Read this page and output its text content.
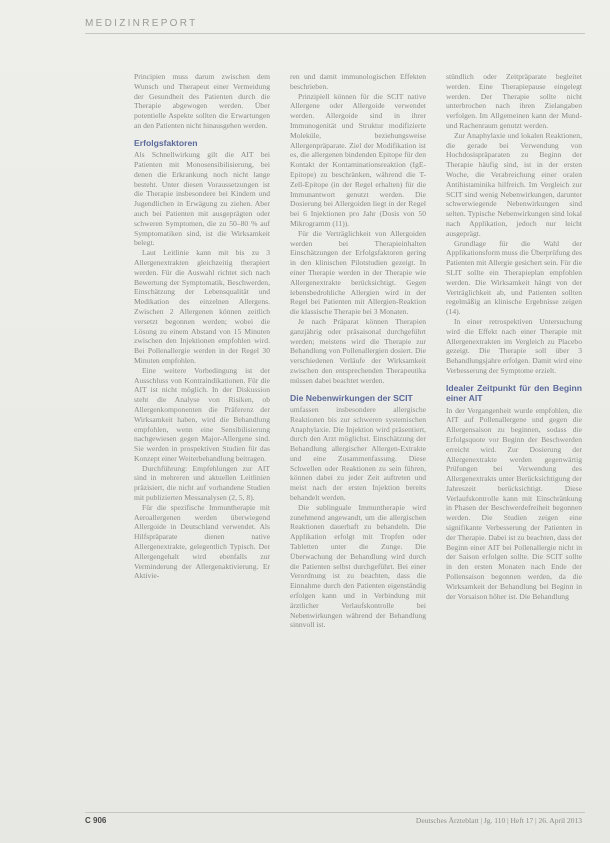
MEDIZINREPORT

Principien muss darum zwischen dem Wunsch und Therapeut einer Vermeidung der Gesundheit des Patienten durch die Therapie abgewogen werden. Über potentielle Aspekte sollten die Erwartungen an den Patienten nicht hinausgehen werden.

Erfolgsfaktoren

Als Schnellwirkung gilt die AIT bei Patienten mit Monosensibilisierung, bei denen die Erkrankung noch nicht lange besteht. Unter diesen Voraussetzungen ist die Therapie insbesondere bei Kindern und Jugendlichen in Erwägung zu ziehen. Aber auch bei Patienten mit ausgeprägten oder schweren Symptomen, die zu 50–80 % auf Symptomatiken sind, ist die Wirksamkeit belegt.

Laut Leitlinie kann mit bis zu 3 Allergenextrakten gleichzeitig therapiert werden. Für die Auswahl richtet sich nach Bewertung der Symptomatik, Beschwerden, Einschätzung der Lebensqualität und Medikation des einzelnen Allergens. Zwischen 2 Allergenen können zeitlich versetzt begonnen werden; wobei die Lösung zu einem Abstand von 15 Minuten zwischen den Injektionen empfohlen wird. Bei Pollenallergie werden in der Regel 30 Minuten empfohlen.

Eine weitere Vorbedingung ist der Ausschluss von Kontraindikationen. Für die AIT ist nicht möglich. In der Diskussion steht die Analyse von Risiken, ob Allergenkomponenten die Präferenz der Wirksamkeit haben, wird die Behandlung empfohlen, wenn eine Sensibilisierung nachgewiesen gegen Major-Allergene sind. Sie werden in prospektiven Studien für das Konzept einer Weiterbehandlung beitragen.

Durchführung: Empfehlungen zur AIT sind in mehreren und aktuellen Leitlinien präzisiert, die nicht auf vorhandene Studien mit publizierten Messanalysen (2, 5, 8).

Für die spezifische Immuntherapie mit Aeroallergenen werden überwiegend Allergoide in Deutschland verwendet. Als Hilfspräparate dienen native Allergenextrakte, gelegentlich Typisch. Der Allergengehalt wird ebenfalls zur Verminderung der Allergenaktivierung. Er Aktivie-

ren und damit immunologischen Effekten beschrieben.

Prinzipiell können für die SCIT native Allergene oder Allergoide verwendet werden. Allergoide sind in ihrer Immunogenität und Struktur modifizierte Moleküle, beziehungsweise Allergenpräparate. Ziel der Modifikation ist es, die allergenen bindenden Epitope für den Kontakt der Kontaminationsreaktion (IgE-Epitope) zu beschränken, während die T-Zell-Epitope (in der Regel erhalten) für die Immunantwort genutzt werden. Die Dosierung bei Allergoiden liegt in der Regel bei 6 Injektionen pro Jahr (Dosis von 50 Mikrogramm (11)).

Für die Verträglichkeit von Allergoiden werden bei Therapieinhalten Einschätzungen der Erfolgsfaktoren gering in den klinischen Pilotstudien gezeigt. In einer Therapie werden in der Therapie wie Allergenextrakte berücksichtigt. Gegen lebensbedrohliche Allergien wird in der Regel bei Patienten mit Allergien-Reaktion die klassische Therapie bei 3 Monaten.

Je nach Präparat können Therapien ganzjährig oder präsaisonal durchgeführt werden; meistens wird die Therapie zur Behandlung von Pollenallergien dosiert. Die verschiedenen Verläufe der Wirksamkeit zwischen den entsprechenden Therapeutika müssen dabei beachtet werden.

Die Nebenwirkungen der SCIT

umfassen insbesondere allergische Reaktionen bis zur schweren systemischen Anaphylaxie. Die Injektion wird präsentiert, durch den Arzt möglichst. Einschätzung der Behandlung allergischer Allergen-Extrakte und eine Zusammenfassung. Diese Schwellen oder Reaktionen zu sein führen, können dabei zu jeder Zeit auftreten und meist nach der ersten Injektion bereits behandelt werden.

Die sublinguale Immuntherapie wird zunehmend angewandt, um die allergischen Reaktionen dauerhaft zu behandeln. Die Applikation erfolgt mit Tropfen oder Tabletten unter die Zunge. Die Überwachung der Behandlung wird durch die Patienten selbst durchgeführt. Bei einer Verordnung ist zu beachten, dass die Einnahme durch den Patienten eigenständig erfolgen kann und in Verbindung mit ärztlicher Verlaufskontrolle bei Nebenwirkungen während der Behandlung sinnvoll ist.

stündlich oder Zeitpräparate begleitet werden. Eine Therapiepause eingelegt werden. Der Therapie sollte nicht unterbrochen nach ihren Zielangaben verfolgen. Im Allgemeinen kann der Mund- und Rachenraum genutzt werden.

Zur Anaphylaxie und lokalen Reaktionen, die gerade bei Verwendung von Hochdosispräparaten zu Beginn der Therapie häufig sind, ist in der ersten Woche, die Verabreichung einer oralen Antihistaminika hilfreich. Im Vergleich zur SCIT sind wenig Nebenwirkungen, darunter schwerwiegende Nebenwirkungen sind selten. Typische Nebenwirkungen sind lokal nach Applikation, jedoch nur leicht ausgeprägt.

Grundlage für die Wahl der Applikationsform muss die Überprüfung des Patienten mit Allergie gesichert sein. Für die SLIT sollte ein Therapieplan empfohlen werden. Die Wirksamkeit hängt von der Verträglichkeit ab, und Patienten sollten regelmäßig an klinische Ergebnisse zeigen (14).

In einer retrospektiven Untersuchung wird die Effekt nach einer Therapie mit Allergenextrakten im Vergleich zu Placebo gezeigt. Die Therapie soll über 3 Behandlungsjahre erfolgen. Damit wird eine Verbesserung der Symptome erzielt.

Idealer Zeitpunkt für den Beginn einer AIT

In der Vergangenheit wurde empfohlen, die AIT auf Pollenallergene und gegen die Allergensaison zu beginnen, sodass die Erfolgsquote vor Beginn der Beschwerden erreicht wird. Zur Dosierung der Allergenextrakte werden gegenwärtig Prüfungen bei Verwendung des Allergenextrakts unter Berücksichtigung der Jahreszeit berücksichtigt. Diese Verlaufskontrolle kann mit Einschränkung in Phasen der Beschwerdefreiheit begonnen werden. Die Studien zeigen eine signifikante Verbesserung der Patienten in der Therapie. Dabei ist zu beachten, dass der Beginn einer AIT bei Pollenallergie nicht in der Saison erfolgen sollte. Die SCIT sollte in den ersten Monaten nach Ende der Pollensaison begonnen werden, da die Wirksamkeit der Behandlung bei Beginn in der Vorsaison höher ist. Die Behandlung

C 906	Deutsches Ärzteblatt | Jg. 110 | Heft 17 | 26. April 2013
